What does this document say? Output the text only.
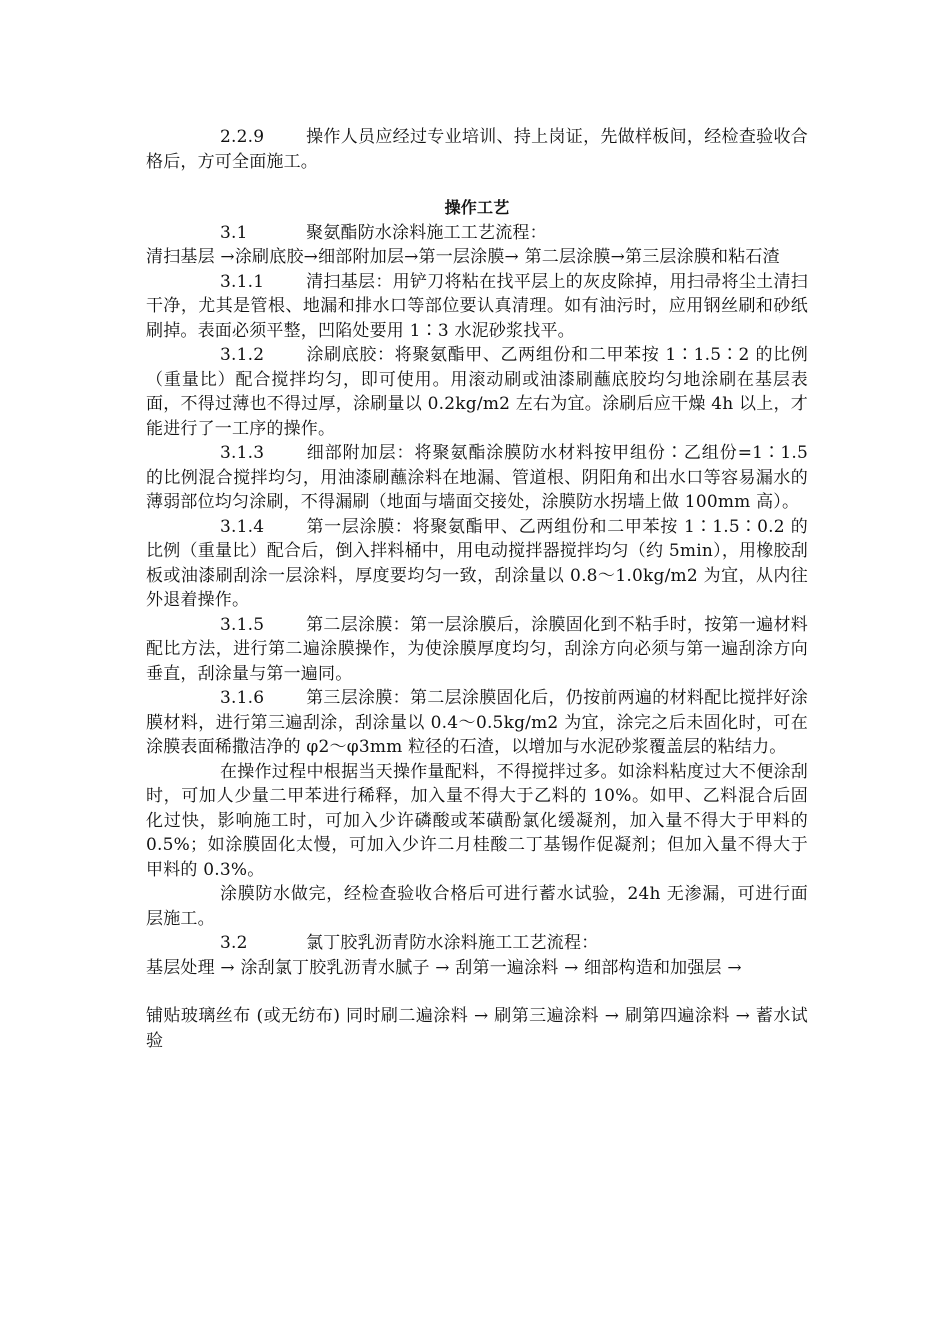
2.2.9 操作人员应经过专业培训、持上岗证，先做样板间，经检查验收合格后，方可全面施工。

操作工艺

3.1	聚氨酯防水涂料施工工艺流程：

清扫基层 →涂刷底胶→细部附加层→第一层涂膜→ 第二层涂膜→第三层涂膜和粘石渣

3.1.1 清扫基层：用铲刀将粘在找平层上的灰皮除掉，用扫帚将尘土清扫干净，尤其是管根、地漏和排水口等部位要认真清理。如有油污时，应用钢丝刷和砂纸刷掉。表面必须平整，凹陷处要用 1∶3 水泥砂浆找平。

3.1.2 涂刷底胶：将聚氨酯甲、乙两组份和二甲苯按 1∶1.5∶2 的比例（重量比）配合搅拌均匀，即可使用。用滚动刷或油漆刷蘸底胶均匀地涂刷在基层表面，不得过薄也不得过厚，涂刷量以 0.2kg/m2 左右为宜。涂刷后应干燥 4h 以上，才能进行了一工序的操作。

3.1.3 细部附加层：将聚氨酯涂膜防水材料按甲组份∶乙组份=1∶1.5 的比例混合搅拌均匀，用油漆刷蘸涂料在地漏、管道根、阴阳角和出水口等容易漏水的薄弱部位均匀涂刷，不得漏刷（地面与墙面交接处，涂膜防水拐墙上做 100mm 高）。

3.1.4 第一层涂膜：将聚氨酯甲、乙两组份和二甲苯按 1∶1.5∶0.2 的比例（重量比）配合后，倒入拌料桶中，用电动搅拌器搅拌均匀（约 5min），用橡胶刮板或油漆刷刮涂一层涂料，厚度要均匀一致，刮涂量以 0.8～1.0kg/m2 为宜，从内往外退着操作。

3.1.5 第二层涂膜：第一层涂膜后，涂膜固化到不粘手时，按第一遍材料配比方法，进行第二遍涂膜操作，为使涂膜厚度均匀，刮涂方向必须与第一遍刮涂方向垂直，刮涂量与第一遍同。

3.1.6 第三层涂膜：第二层涂膜固化后，仍按前两遍的材料配比搅拌好涂膜材料，进行第三遍刮涂，刮涂量以 0.4～0.5kg/m2 为宜，涂完之后未固化时，可在涂膜表面稀撒洁净的 φ2～φ3mm 粒径的石渣，以增加与水泥砂浆覆盖层的粘结力。

在操作过程中根据当天操作量配料，不得搅拌过多。如涂料粘度过大不便涂刮时，可加人少量二甲苯进行稀释，加入量不得大于乙料的 10%。如甲、乙料混合后固化过快，影响施工时，可加入少许磷酸或苯磺酚氯化缓凝剂，加入量不得大于甲料的 0.5%；如涂膜固化太慢，可加入少许二月桂酸二丁基锡作促凝剂；但加入量不得大于甲料的 0.3%。

涂膜防水做完，经检查验收合格后可进行蓄水试验，24h 无渗漏，可进行面层施工。

3.2	氯丁胶乳沥青防水涂料施工工艺流程：

基层处理 → 涂刮氯丁胶乳沥青水腻子 → 刮第一遍涂料 → 细部构造和加强层 →

铺贴玻璃丝布 (或无纺布) 同时刷二遍涂料 → 刷第三遍涂料 → 刷第四遍涂料 → 蓄水试验
